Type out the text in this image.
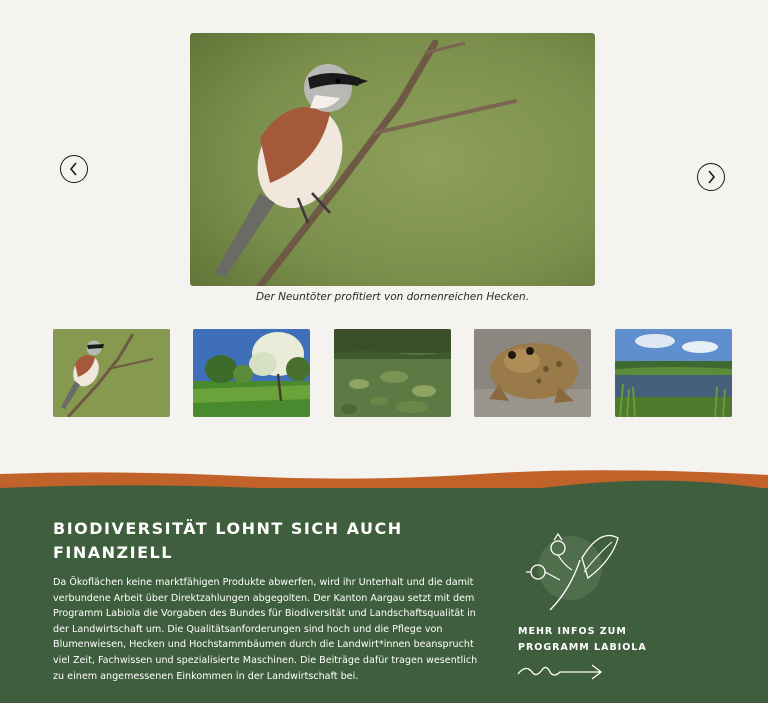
Der Neuntöter profitiert von dornenreichen Hecken.
BIODIVERSITÄT LOHNT SICH AUCH FINANZIELL
Da Ökoflächen keine marktfähigen Produkte abwerfen, wird ihr Unterhalt und die damit verbundene Arbeit über Direktzahlungen abgegolten. Der Kanton Aargau setzt mit dem Programm Labiola die Vorgaben des Bundes für Biodiversität und Landschaftsqualität in der Landwirtschaft um. Die Qualitätsanforderungen sind hoch und die Pflege von Blumenwiesen, Hecken und Hochstammbäumen durch die Landwirt*innen beansprucht viel Zeit, Fachwissen und spezialisierte Maschinen. Die Beiträge dafür tragen wesentlich zu einem angemessenen Einkommen in der Landwirtschaft bei.
MEHR INFOS ZUM
PROGRAMM LABIOLA
